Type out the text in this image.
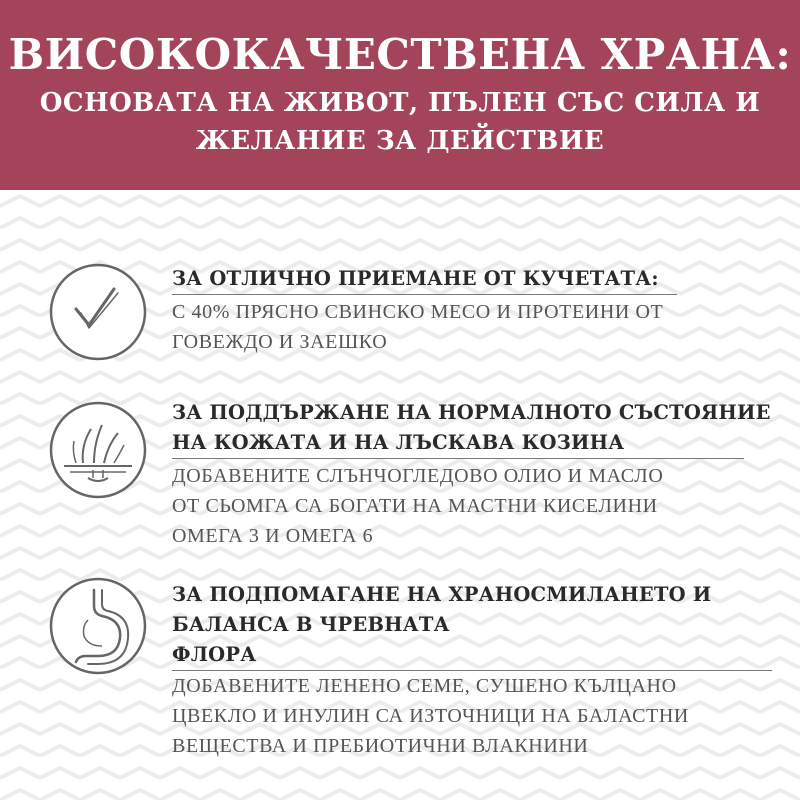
ВИСОКОКАЧЕСТВЕНА ХРАНА:
ОСНОВАТА НА ЖИВОТ, ПЪЛЕН СЪС СИЛА И
ЖЕЛАНИЕ ЗА ДЕЙСТВИЕ
ЗА ОТЛИЧНО ПРИЕМАНЕ ОТ КУЧЕТАТА:
С 40% ПРЯСНО СВИНСКО МЕСО И ПРОТЕИНИ ОТ
ГОВЕЖДО И ЗАЕШКО
ЗА ПОДДЪРЖАНЕ НА НОРМАЛНОТО СЪСТОЯНИЕ
НА КОЖАТА И НА ЛЪСКАВА КОЗИНА
ДОБАВЕНИТЕ СЛЪНЧОГЛЕДОВО ОЛИО И МАСЛО
ОТ СЬОМГА СА БОГАТИ НА МАСТНИ КИСЕЛИНИ
ОМЕГА 3 И ОМЕГА 6
ЗА ПОДПОМАГАНЕ НА ХРАНОСМИЛАНЕТО И
БАЛАНСА В ЧРЕВНАТА ФЛОРА
ДОБАВЕНИТЕ ЛЕНЕНО СЕМЕ, СУШЕНО КЪЛЦАНО
ЦВЕКЛО И ИНУЛИН СА ИЗТОЧНИЦИ НА БАЛАСТНИ
ВЕЩЕСТВА И ПРЕБИОТИЧНИ ВЛАКНИНИ
